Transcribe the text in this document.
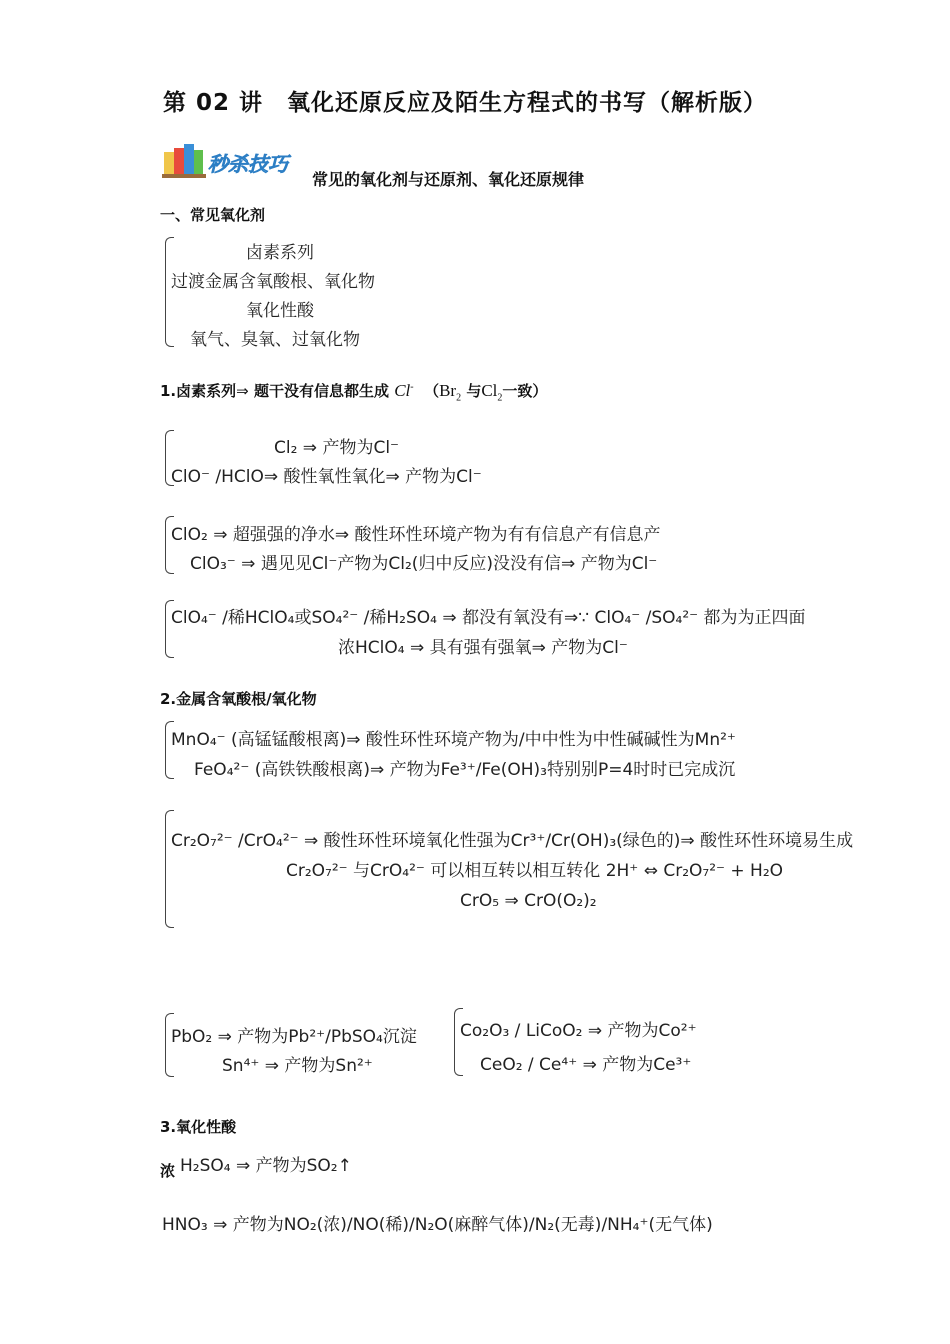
第 02 讲　氧化还原反应及陌生方程式的书写（解析版）
秒杀技巧
常见的氧化剂与还原剂、氧化还原规律
一、常见氧化剂
卤素系列
过渡金属含氧酸根、氧化物
氧化性酸
氧气、臭氧、过氧化物
1.卤素系列⇒ 题干没有信息都生成 Cl- （$Br_2$ 与$Cl_2$一致）
Cl₂ ⇒ 产物为Cl⁻
ClO⁻ /HClO⇒ 酸性氧性氧化⇒ 产物为Cl⁻
ClO₂ ⇒ 超强强的净水⇒ 酸性环性环境产物为有有信息产有信息产
ClO₃⁻ ⇒ 遇见见Cl⁻产物为Cl₂(归中反应)没没有信⇒ 产物为Cl⁻
ClO₄⁻ /稀HClO₄或SO₄²⁻ /稀H₂SO₄ ⇒ 都没有氧没有⇒∵ ClO₄⁻ /SO₄²⁻ 都为为正四面
浓HClO₄ ⇒ 具有强有强氧⇒ 产物为Cl⁻
2.金属含氧酸根/氧化物
MnO₄⁻ (高锰锰酸根离)⇒ 酸性环性环境产物为/中中性为中性碱碱性为Mn²⁺
FeO₄²⁻ (高铁铁酸根离)⇒ 产物为Fe³⁺/Fe(OH)₃特别别P=4时时已完成沉
Cr₂O₇²⁻ /CrO₄²⁻ ⇒ 酸性环性环境氧化性强为Cr³⁺/Cr(OH)₃(绿色的)⇒ 酸性环性环境易生成
Cr₂O₇²⁻ 与CrO₄²⁻ 可以相互转以相互转化 2H⁺ ⇔ Cr₂O₇²⁻ + H₂O
CrO₅ ⇒ CrO(O₂)₂
PbO₂ ⇒ 产物为Pb²⁺/PbSO₄沉淀
Sn⁴⁺ ⇒ 产物为Sn²⁺
Co₂O₃ / LiCoO₂ ⇒ 产物为Co²⁺
CeO₂ / Ce⁴⁺ ⇒ 产物为Ce³⁺
3.氧化性酸
浓 H₂SO₄ ⇒ 产物为SO₂↑
HNO₃ ⇒ 产物为NO₂(浓)/NO(稀)/N₂O(麻醉气体)/N₂(无毒)/NH₄⁺(无气体)
